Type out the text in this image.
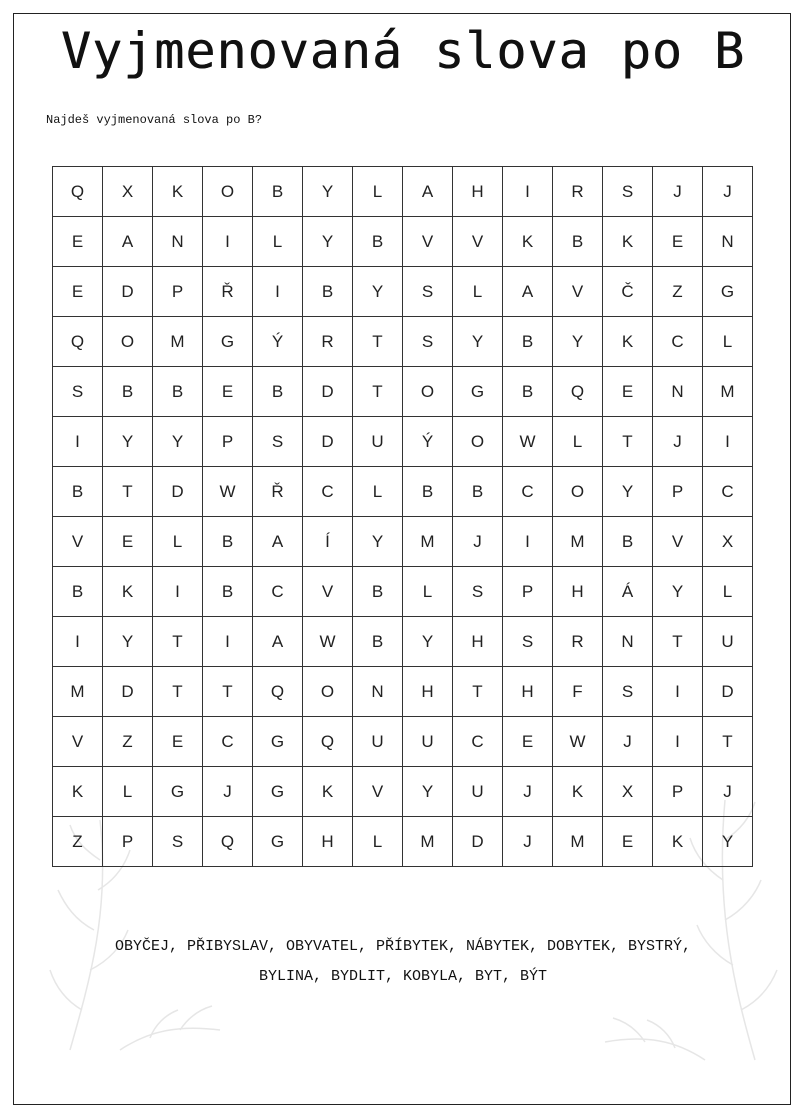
Vyjmenovaná slova po B
Najdeš vyjmenovaná slova po B?
Q	X	K	O	B	Y	L	A	H	I	R	S	J	J
E	A	N	I	L	Y	B	V	V	K	B	K	E	N
E	D	P	Ř	I	B	Y	S	L	A	V	Č	Z	G
Q	O	M	G	Ý	R	T	S	Y	B	Y	K	C	L
S	B	B	E	B	D	T	O	G	B	Q	E	N	M
I	Y	Y	P	S	D	U	Ý	O	W	L	T	J	I
B	T	D	W	Ř	C	L	B	B	C	O	Y	P	C
V	E	L	B	A	Í	Y	M	J	I	M	B	V	X
B	K	I	B	C	V	B	L	S	P	H	Á	Y	L
I	Y	T	I	A	W	B	Y	H	S	R	N	T	U
M	D	T	T	Q	O	N	H	T	H	F	S	I	D
V	Z	E	C	G	Q	U	U	C	E	W	J	I	T
K	L	G	J	G	K	V	Y	U	J	K	X	P	J
Z	P	S	Q	G	H	L	M	D	J	M	E	K	Y
OBYČEJ, PŘIBYSLAV, OBYVATEL, PŘÍBYTEK, NÁBYTEK, DOBYTEK, BYSTRÝ,
BYLINA, BYDLIT, KOBYLA, BYT, BÝT
